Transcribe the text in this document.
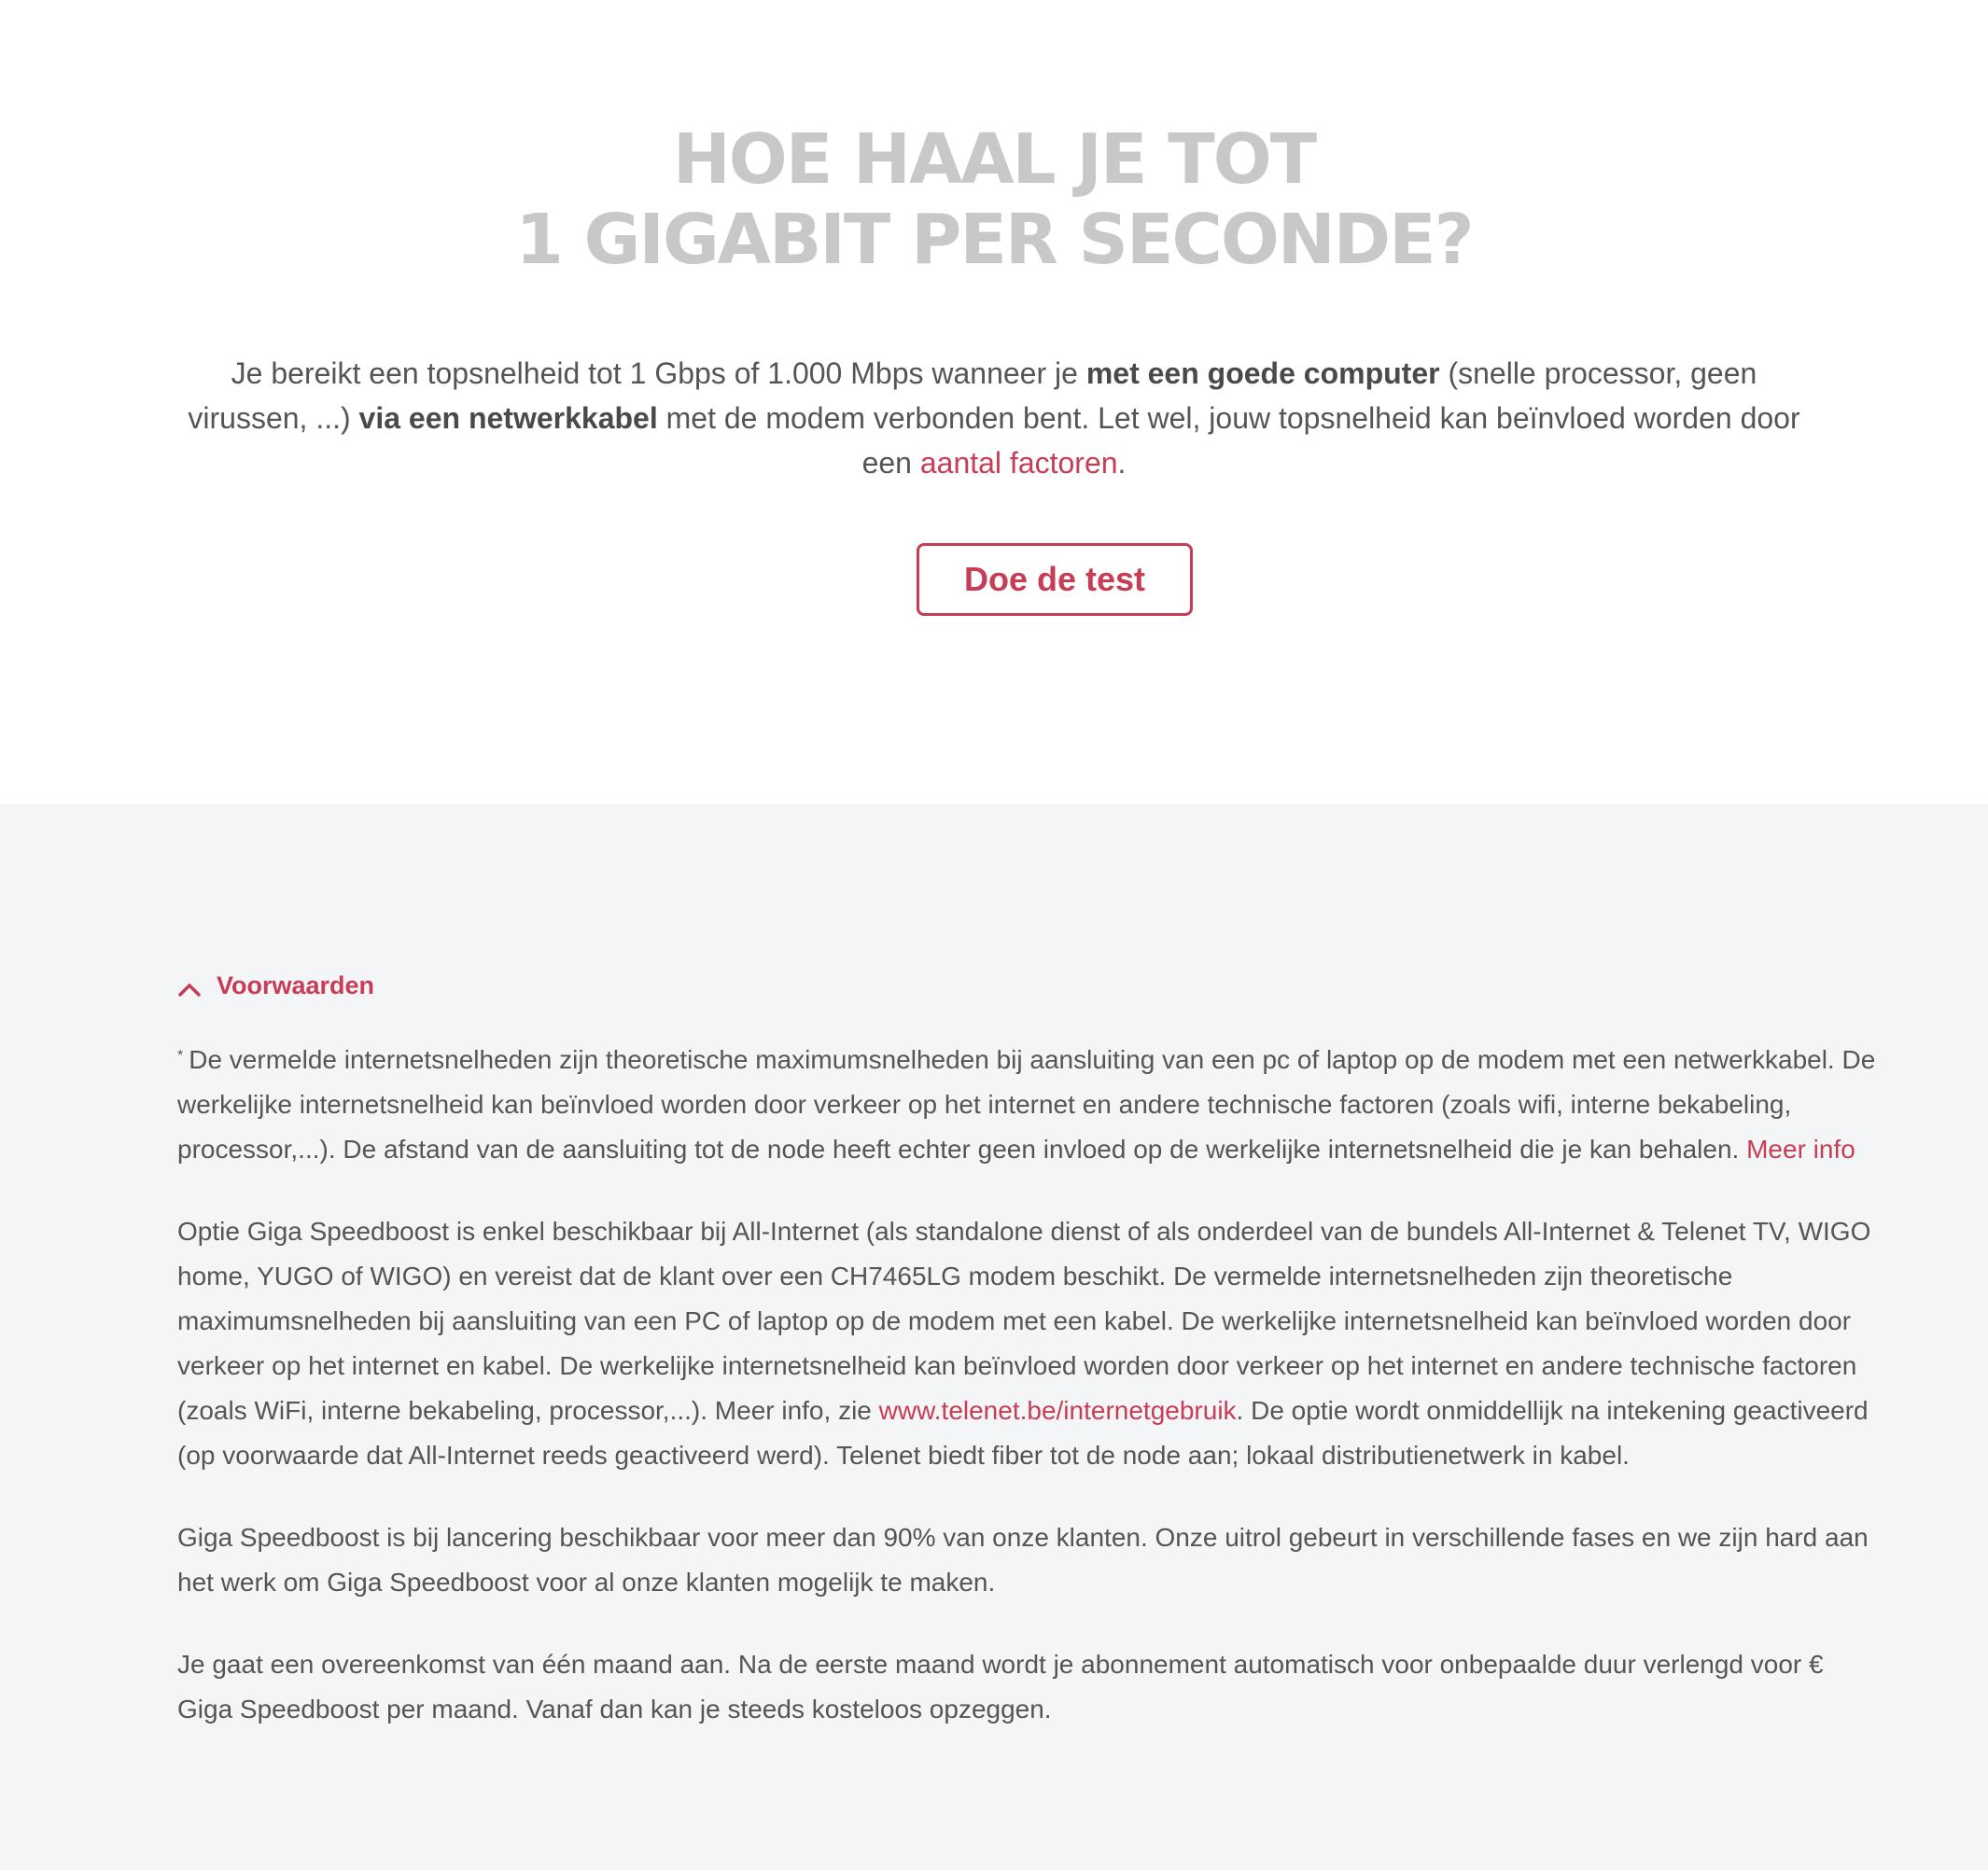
HOE HAAL JE TOT
1 GIGABIT PER SECONDE?

Je bereikt een topsnelheid tot 1 Gbps of 1.000 Mbps wanneer je met een goede computer (snelle processor, geen virussen, ...) via een netwerkkabel met de modem verbonden bent. Let wel, jouw topsnelheid kan beïnvloed worden door een aantal factoren.

Doe de test
Voorwaarden

* De vermelde internetsnelheden zijn theoretische maximumsnelheden bij aansluiting van een pc of laptop op de modem met een netwerkkabel. De werkelijke internetsnelheid kan beïnvloed worden door verkeer op het internet en andere technische factoren (zoals wifi, interne bekabeling, processor,...). De afstand van de aansluiting tot de node heeft echter geen invloed op de werkelijke internetsnelheid die je kan behalen. Meer info

Optie Giga Speedboost is enkel beschikbaar bij All-Internet (als standalone dienst of als onderdeel van de bundels All-Internet & Telenet TV, WIGO home, YUGO of WIGO) en vereist dat de klant over een CH7465LG modem beschikt. De vermelde internetsnelheden zijn theoretische maximumsnelheden bij aansluiting van een PC of laptop op de modem met een kabel. De werkelijke internetsnelheid kan beïnvloed worden door verkeer op het internet en kabel. De werkelijke internetsnelheid kan beïnvloed worden door verkeer op het internet en andere technische factoren (zoals WiFi, interne bekabeling, processor,...). Meer info, zie www.telenet.be/internetgebruik. De optie wordt onmiddellijk na intekening geactiveerd (op voorwaarde dat All-Internet reeds geactiveerd werd). Telenet biedt fiber tot de node aan; lokaal distributienetwerk in kabel.

Giga Speedboost is bij lancering beschikbaar voor meer dan 90% van onze klanten. Onze uitrol gebeurt in verschillende fases en we zijn hard aan het werk om Giga Speedboost voor al onze klanten mogelijk te maken.

Je gaat een overeenkomst van één maand aan. Na de eerste maand wordt je abonnement automatisch voor onbepaalde duur verlengd voor € Giga Speedboost per maand. Vanaf dan kan je steeds kosteloos opzeggen.
